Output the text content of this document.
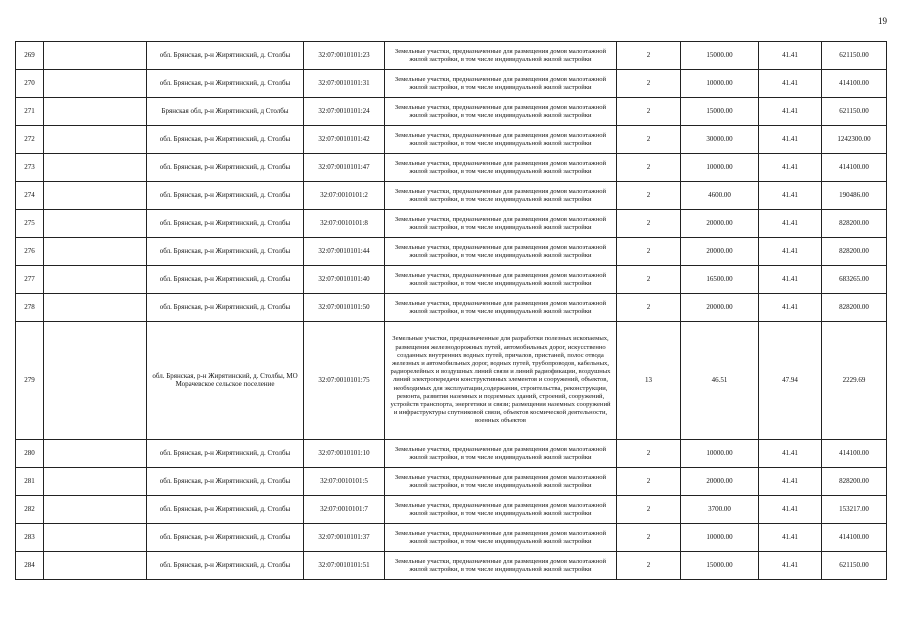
19
269		обл. Брянская, р-н Жирятинский, д. Столбы	32:07:0010101:23	Земельные участки, предназначенные для размещения домов малоэтажной жилой застройки, в том числе индивидуальной жилой застройки	2	15000.00	41.41	621150.00
270		обл. Брянская, р-н Жирятинский, д. Столбы	32:07:0010101:31	Земельные участки, предназначенные для размещения домов малоэтажной жилой застройки, в том числе индивидуальной жилой застройки	2	10000.00	41.41	414100.00
271		Брянская обл, р-н Жирятинский, д Столбы	32:07:0010101:24	Земельные участки, предназначенные для размещения домов малоэтажной жилой застройки, в том числе индивидуальной жилой застройки	2	15000.00	41.41	621150.00
272		обл. Брянская, р-н Жирятинский, д. Столбы	32:07:0010101:42	Земельные участки, предназначенные для размещения домов малоэтажной жилой застройки, в том числе индивидуальной жилой застройки	2	30000.00	41.41	1242300.00
273		обл. Брянская, р-н Жирятинский, д. Столбы	32:07:0010101:47	Земельные участки, предназначенные для размещения домов малоэтажной жилой застройки, в том числе индивидуальной жилой застройки	2	10000.00	41.41	414100.00
274		обл. Брянская, р-н Жирятинский, д. Столбы	32:07:0010101:2	Земельные участки, предназначенные для размещения домов малоэтажной жилой застройки, в том числе индивидуальной жилой застройки	2	4600.00	41.41	190486.00
275		обл. Брянская, р-н Жирятинский, д. Столбы	32:07:0010101:8	Земельные участки, предназначенные для размещения домов малоэтажной жилой застройки, в том числе индивидуальной жилой застройки	2	20000.00	41.41	828200.00
276		обл. Брянская, р-н Жирятинский, д. Столбы	32:07:0010101:44	Земельные участки, предназначенные для размещения домов малоэтажной жилой застройки, в том числе индивидуальной жилой застройки	2	20000.00	41.41	828200.00
277		обл. Брянская, р-н Жирятинский, д. Столбы	32:07:0010101:40	Земельные участки, предназначенные для размещения домов малоэтажной жилой застройки, в том числе индивидуальной жилой застройки	2	16500.00	41.41	683265.00
278		обл. Брянская, р-н Жирятинский, д. Столбы	32:07:0010101:50	Земельные участки, предназначенные для размещения домов малоэтажной жилой застройки, в том числе индивидуальной жилой застройки	2	20000.00	41.41	828200.00
279		обл. Брянская, р-н Жирятинский, д. Столбы, МО Морачевское сельское поселение	32:07:0010101:75	Земельные участки, предназначенные для разработки полезных ископаемых, размещения железнодорожных путей, автомобильных дорог, искусственно созданных внутренних водных путей, причалов, пристаней, полос отвода железных и автомобильных дорог, водных путей, трубопроводов, кабельных, радиорелейных и воздушных линий связи и линий радиофикации, воздушных линий электропередачи конструктивных элементов и сооружений, объектов, необходимых для эксплуатации,содержания, строительства, реконструкции, ремонта, развития наземных и подземных зданий, строений, сооружений, устройств транспорта, энергетики и связи; размещения наземных сооружений и инфраструктуры спутниковой связи, объектов космической деятельности, военных объектов	13	46.51	47.94	2229.69
280		обл. Брянская, р-н Жирятинский, д. Столбы	32:07:0010101:10	Земельные участки, предназначенные для размещения домов малоэтажной жилой застройки, в том числе индивидуальной жилой застройки	2	10000.00	41.41	414100.00
281		обл. Брянская, р-н Жирятинский, д. Столбы	32:07:0010101:5	Земельные участки, предназначенные для размещения домов малоэтажной жилой застройки, в том числе индивидуальной жилой застройки	2	20000.00	41.41	828200.00
282		обл. Брянская, р-н Жирятинский, д. Столбы	32:07:0010101:7	Земельные участки, предназначенные для размещения домов малоэтажной жилой застройки, в том числе индивидуальной жилой застройки	2	3700.00	41.41	153217.00
283		обл. Брянская, р-н Жирятинский, д. Столбы	32:07:0010101:37	Земельные участки, предназначенные для размещения домов малоэтажной жилой застройки, в том числе индивидуальной жилой застройки	2	10000.00	41.41	414100.00
284		обл. Брянская, р-н Жирятинский, д. Столбы	32:07:0010101:51	Земельные участки, предназначенные для размещения домов малоэтажной жилой застройки, в том числе индивидуальной жилой застройки	2	15000.00	41.41	621150.00
